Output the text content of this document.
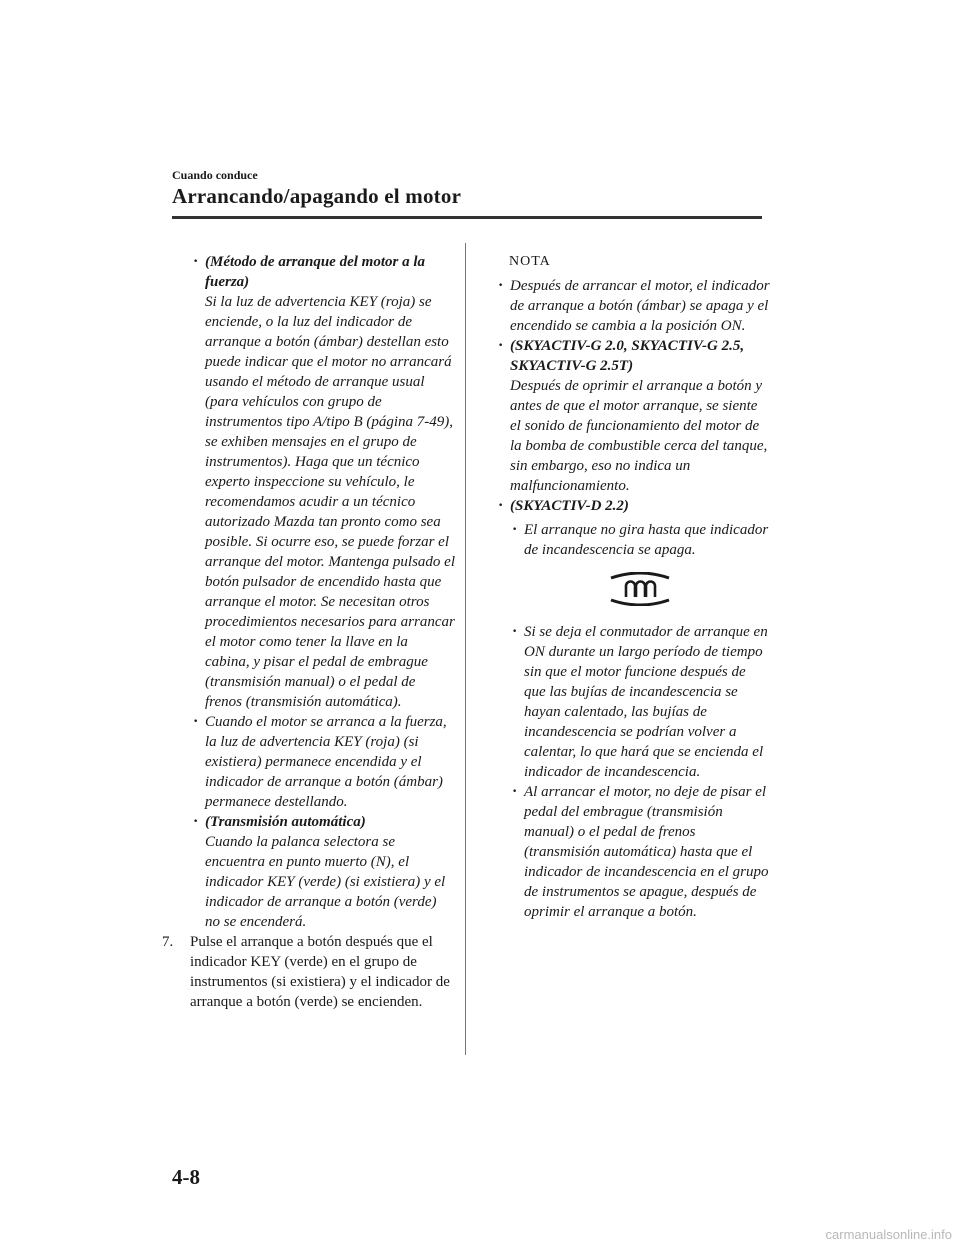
Cuando conduce
Arrancando/apagando el motor
· (Método de arranque del motor a la fuerza)
Si la luz de advertencia KEY (roja) se enciende, o la luz del indicador de arranque a botón (ámbar) destellan esto puede indicar que el motor no arrancará usando el método de arranque usual (para vehículos con grupo de instrumentos tipo A/tipo B (página 7-49), se exhiben mensajes en el grupo de instrumentos). Haga que un técnico experto inspeccione su vehículo, le recomendamos acudir a un técnico autorizado Mazda tan pronto como sea posible. Si ocurre eso, se puede forzar el arranque del motor. Mantenga pulsado el botón pulsador de encendido hasta que arranque el motor. Se necesitan otros procedimientos necesarios para arrancar el motor como tener la llave en la cabina, y pisar el pedal de embrague (transmisión manual) o el pedal de frenos (transmisión automática).
· Cuando el motor se arranca a la fuerza, la luz de advertencia KEY (roja) (si existiera) permanece encendida y el indicador de arranque a botón (ámbar) permanece destellando.
· (Transmisión automática)
Cuando la palanca selectora se encuentra en punto muerto (N), el indicador KEY (verde) (si existiera) y el indicador de arranque a botón (verde) no se encenderá.
7. Pulse el arranque a botón después que el indicador KEY (verde) en el grupo de instrumentos (si existiera) y el indicador de arranque a botón (verde) se encienden.
NOTA
· Después de arrancar el motor, el indicador de arranque a botón (ámbar) se apaga y el encendido se cambia a la posición ON.
· (SKYACTIV-G 2.0, SKYACTIV-G 2.5, SKYACTIV-G 2.5T)
Después de oprimir el arranque a botón y antes de que el motor arranque, se siente el sonido de funcionamiento del motor de la bomba de combustible cerca del tanque, sin embargo, eso no indica un malfuncionamiento.
· (SKYACTIV-D 2.2)
· El arranque no gira hasta que indicador de incandescencia se apaga.
· Si se deja el conmutador de arranque en ON durante un largo período de tiempo sin que el motor funcione después de que las bujías de incandescencia se hayan calentado, las bujías de incandescencia se podrían volver a calentar, lo que hará que se encienda el indicador de incandescencia.
· Al arrancar el motor, no deje de pisar el pedal del embrague (transmisión manual) o el pedal de frenos (transmisión automática) hasta que el indicador de incandescencia en el grupo de instrumentos se apague, después de oprimir el arranque a botón.
4-8
carmanualsonline.info
